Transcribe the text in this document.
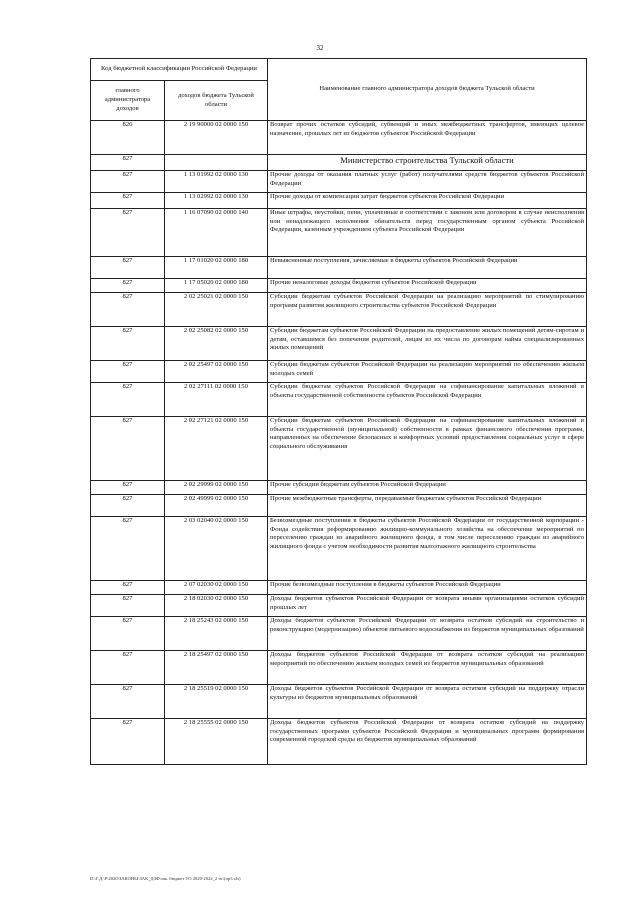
32
Код бюджетной классификации Российской Федерации		Наименование главного администратора доходов бюджета Тульской области
главного администратора доходов	доходов бюджета Тульской области	
826	2 19 90000 02 0000 150	Возврат прочих остатков субсидий, субвенций и иных межбюджетных трансфертов, имеющих целевое назначение, прошлых лет из бюджетов субъектов Российской Федерации
827		Министерство строительства Тульской области
827	1 13 01992 02 0000 130	Прочие доходы от оказания платных услуг (работ) получателями средств бюджетов субъектов Российской Федерации
827	1 13 02992 02 0000 130	Прочие доходы от компенсации затрат бюджетов субъектов Российской Федерации
827	1 16 07090 02 0000 140	Иные штрафы, неустойки, пени, уплаченные в соответствии с законом или договором в случае неисполнения или ненадлежащего исполнения обязательств перед государственным органом субъекта Российской Федерации, казенным учреждением субъекта Российской Федерации
827	1 17 01020 02 0000 180	Невыясненные поступления, зачисляемые в бюджеты субъектов Российской Федерации
827	1 17 05020 02 0000 180	Прочие неналоговые доходы бюджетов субъектов Российской Федерации
827	2 02 25021 02 0000 150	Субсидии бюджетам субъектов Российской Федерации на реализацию мероприятий по стимулированию программ развития жилищного строительства субъектов Российской Федерации
827	2 02 25082 02 0000 150	Субсидии бюджетам субъектов Российской Федерации на предоставление жилых помещений детям-сиротам и детям, оставшимся без попечения родителей, лицам из их числа по договорам найма специализированных жилых помещений
827	2 02 25497 02 0000 150	Субсидии бюджетам субъектов Российской Федерации на реализацию мероприятий по обеспечению жильем молодых семей
827	2 02 27111 02 0000 150	Субсидии бюджетам субъектов Российской Федерации на софинансирование капитальных вложений в объекты государственной собственности субъектов Российской Федерации
827	2 02 27121 02 0000 150	Субсидии бюджетам субъектов Российской Федерации на софинансирование капитальных вложений в объекты государственной (муниципальной) собственности в рамках финансового обеспечения программ, направленных на обеспечение безопасных и комфортных условий предоставления социальных услуг в сфере социального обслуживания
827	2 02 29999 02 0000 150	Прочие субсидии бюджетам субъектов Российской Федерации
827	2 02 49999 02 0000 150	Прочие межбюджетные трансферты, передаваемые бюджетам субъектов Российской Федерации
827	2 03 02040 02 0000 150	Безвозмездные поступления в бюджеты субъектов Российской Федерации от государственной корпорации - Фонда содействия реформированию жилищно-коммунального хозяйства на обеспечение мероприятий по переселению граждан из аварийного жилищного фонда, в том числе переселению граждан из аварийного жилищного фонда с учетом необходимости развития малоэтажного жилищного строительства
827	2 07 02030 02 0000 150	Прочие безвозмездные поступления в бюджеты субъектов Российской Федерации
827	2 18 02030 02 0000 150	Доходы бюджетов субъектов Российской Федерации от возврата иными организациями остатков субсидий прошлых лет
827	2 18 25243 02 0000 150	Доходы бюджетов субъектов Российской Федерации от возврата остатков субсидий на строительство и реконструкцию (модернизацию) объектов питьевого водоснабжения из бюджетов муниципальных образований
827	2 18 25497 02 0000 150	Доходы бюджетов субъектов Российской Федерации от возврата остатков субсидий на реализацию мероприятий по обеспечению жильем молодых семей из бюджетов муниципальных образований
827	2 18 25519 02 0000 150	Доходы бюджетов субъектов Российской Федерации от возврата остатков субсидий на поддержку отрасли культуры из бюджетов муниципальных образований
827	2 18 25555 02 0000 150	Доходы бюджетов субъектов Российской Федерации от возврата остатков субсидий на поддержку государственных программ субъектов Российской Федерации и муниципальных программ формирования современной городской среды из бюджетов муниципальных образований
D:\Г.Д.\Р\2020\ЗАКОНЫ\ЗАК_ДЗФ\зак. бюджет ТО 2020-2022_2 чт\(пр3.xls)
